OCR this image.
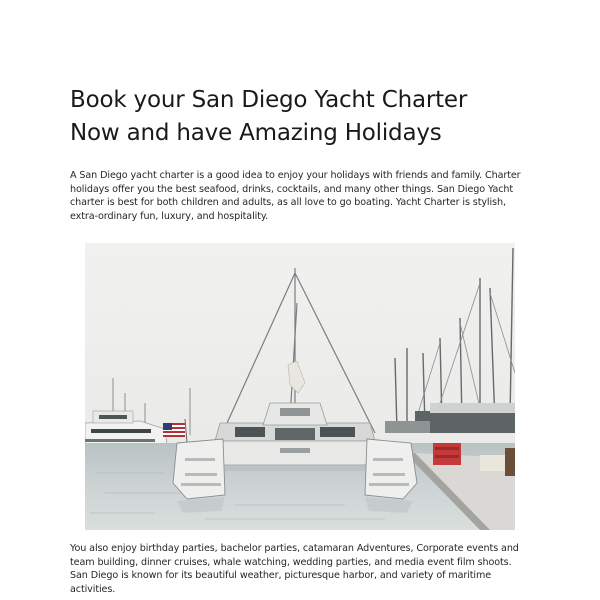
Book your San Diego Yacht Charter
Now and have Amazing Holidays

A San Diego yacht charter is a good idea to enjoy your holidays with friends and family. Charter holidays offer you the best seafood, drinks, cocktails, and many other things. San Diego Yacht charter is best for both children and adults, as all love to go boating. Yacht Charter is stylish, extra-ordinary fun, luxury, and hospitality.

You also enjoy birthday parties, bachelor parties, catamaran Adventures, Corporate events and team building, dinner cruises, whale watching, wedding parties, and media event film shoots. San Diego is known for its beautiful weather, picturesque harbor, and variety of maritime activities.
